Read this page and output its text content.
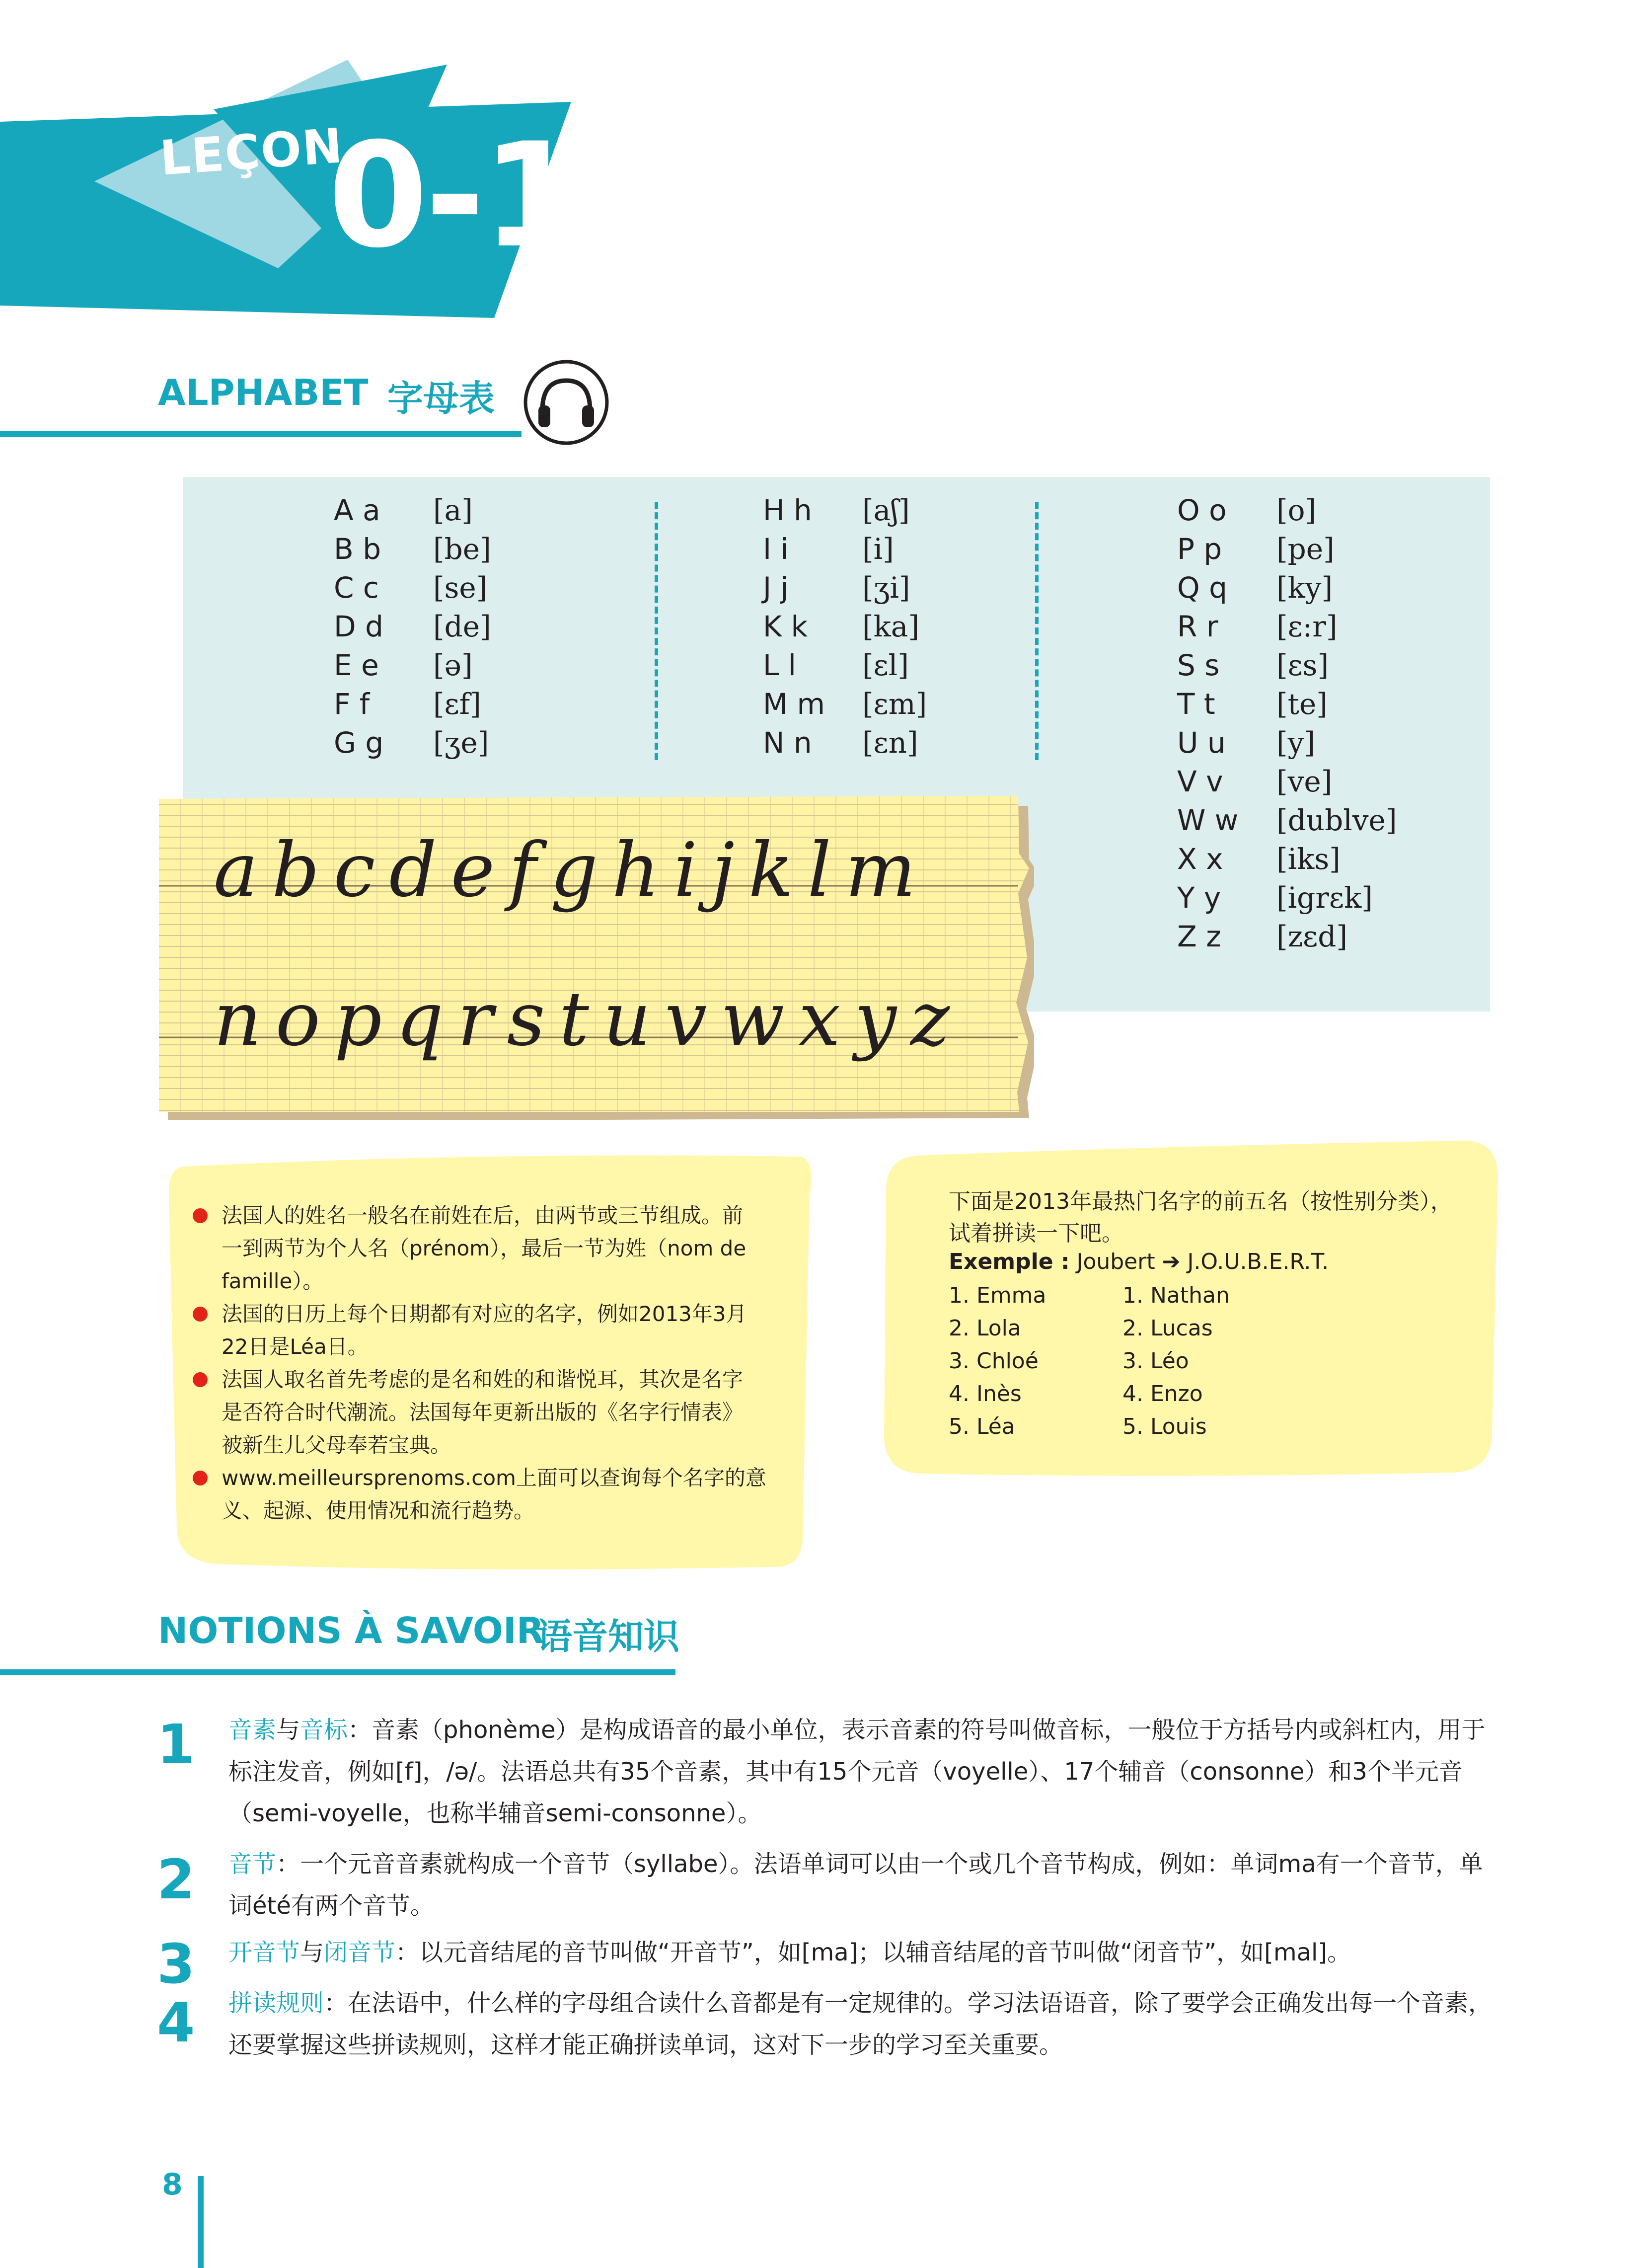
LEÇON
0-1
ALPHABET 字母表
A a [a]
B b [be]
C c [se]
D d [de]
E e [ə]
F f [ɛf]
G g [ʒe]
H h [aʃ]
I i	[i]
J j	[ʒi]
K k [ka]
L l [ɛl]
M m [ɛm]
N n [ɛn]
O o [o]
P p [pe]
Q q [ky]
R r [ɛ:r]
S s [ɛs]
T t [te]
U u [y]
V v [ve]
W w [dublve]
X x [iks]
Y y [igrɛk]
Z z [zɛd]
abcdefghijklm
nopqrstuvwxyz
法国人的姓名一般名在前姓在后，由两节或三节组成。前
一到两节为个人名（prénom），最后一节为姓（nom de
famille）。
法国的日历上每个日期都有对应的名字，例如2013年3月
22日是Léa日。
法国人取名首先考虑的是名和姓的和谐悦耳，其次是名字
是否符合时代潮流。法国每年更新出版的《名字行情表》
被新生儿父母奉若宝典。
www.meilleursprenoms.com上面可以查询每个名字的意
义、起源、使用情况和流行趋势。
下面是2013年最热门名字的前五名（按性别分类），
试着拼读一下吧。
Exemple : Joubert ➔ J.O.U.B.E.R.T.
1. Emma
2. Lola
3. Chloé
4. Inès
5. Léa
1. Nathan
2. Lucas
3. Léo
4. Enzo
5. Louis
NOTIONS À SAVOIR
语音知识
1 音素与音标：音素（phonème）是构成语音的最小单位，表示音素的符号叫做音标，一般位于方括号内或斜杠内，用于标注发音，例如[f]，/ə/。法语总共有35个音素，其中有15个元音（voyelle）、17个辅音（consonne）和3个半元音（semi-voyelle，也称半辅音semi-consonne）。
2 音节：一个元音音素就构成一个音节（syllabe）。法语单词可以由一个或几个音节构成，例如：单词ma有一个音节，单词été有两个音节。
3 开音节与闭音节：以元音结尾的音节叫做“开音节”，如[ma]；以辅音结尾的音节叫做“闭音节”，如[mal]。
4 拼读规则：在法语中，什么样的字母组合读什么音都是有一定规律的。学习法语语音，除了要学会正确发出每一个音素，还要掌握这些拼读规则，这样才能正确拼读单词，这对下一步的学习至关重要。
8
